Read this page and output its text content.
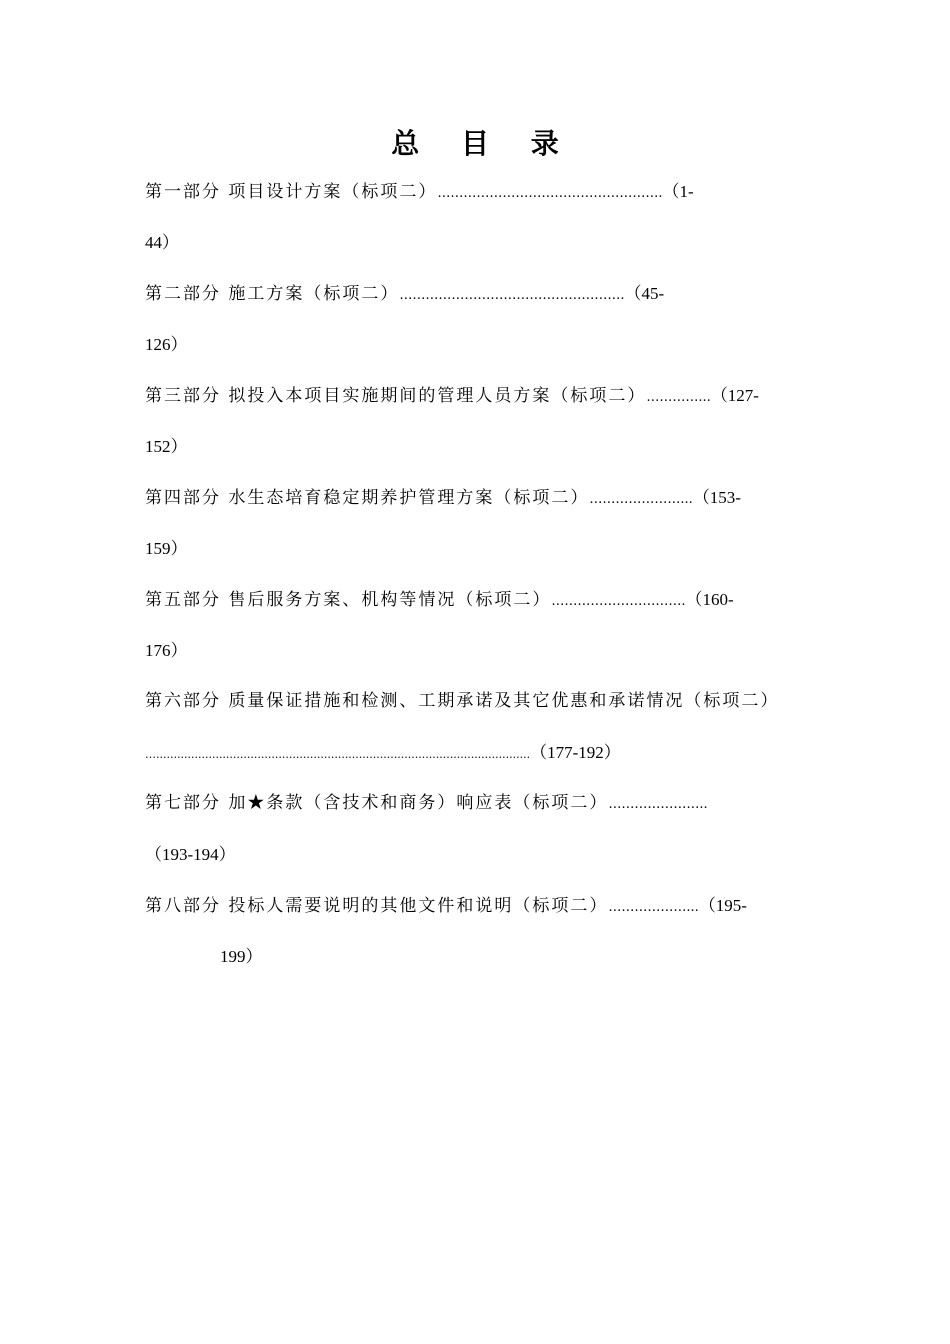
总 目 录
第一部分 项目设计方案（标项二）…………………………………………….（1-
44）
第二部分 施工方案（标项二）…………………………………………….（45-
126）
第三部分 拟投入本项目实施期间的管理人员方案（标项二）…………...（127-
152）
第四部分 水生态培育稳定期养护管理方案（标项二）…………………...（153-
159）
第五部分 售后服务方案、机构等情况（标项二）………………………….（160-
176）
第六部分 质量保证措施和检测、工期承诺及其它优惠和承诺情况（标项二）
…...........................................................................................................（177-192）
第七部分 加★条款（含技术和商务）响应表（标项二）…………………..
（193-194）
第八部分 投标人需要说明的其他文件和说明（标项二）………………...（195-
199）
